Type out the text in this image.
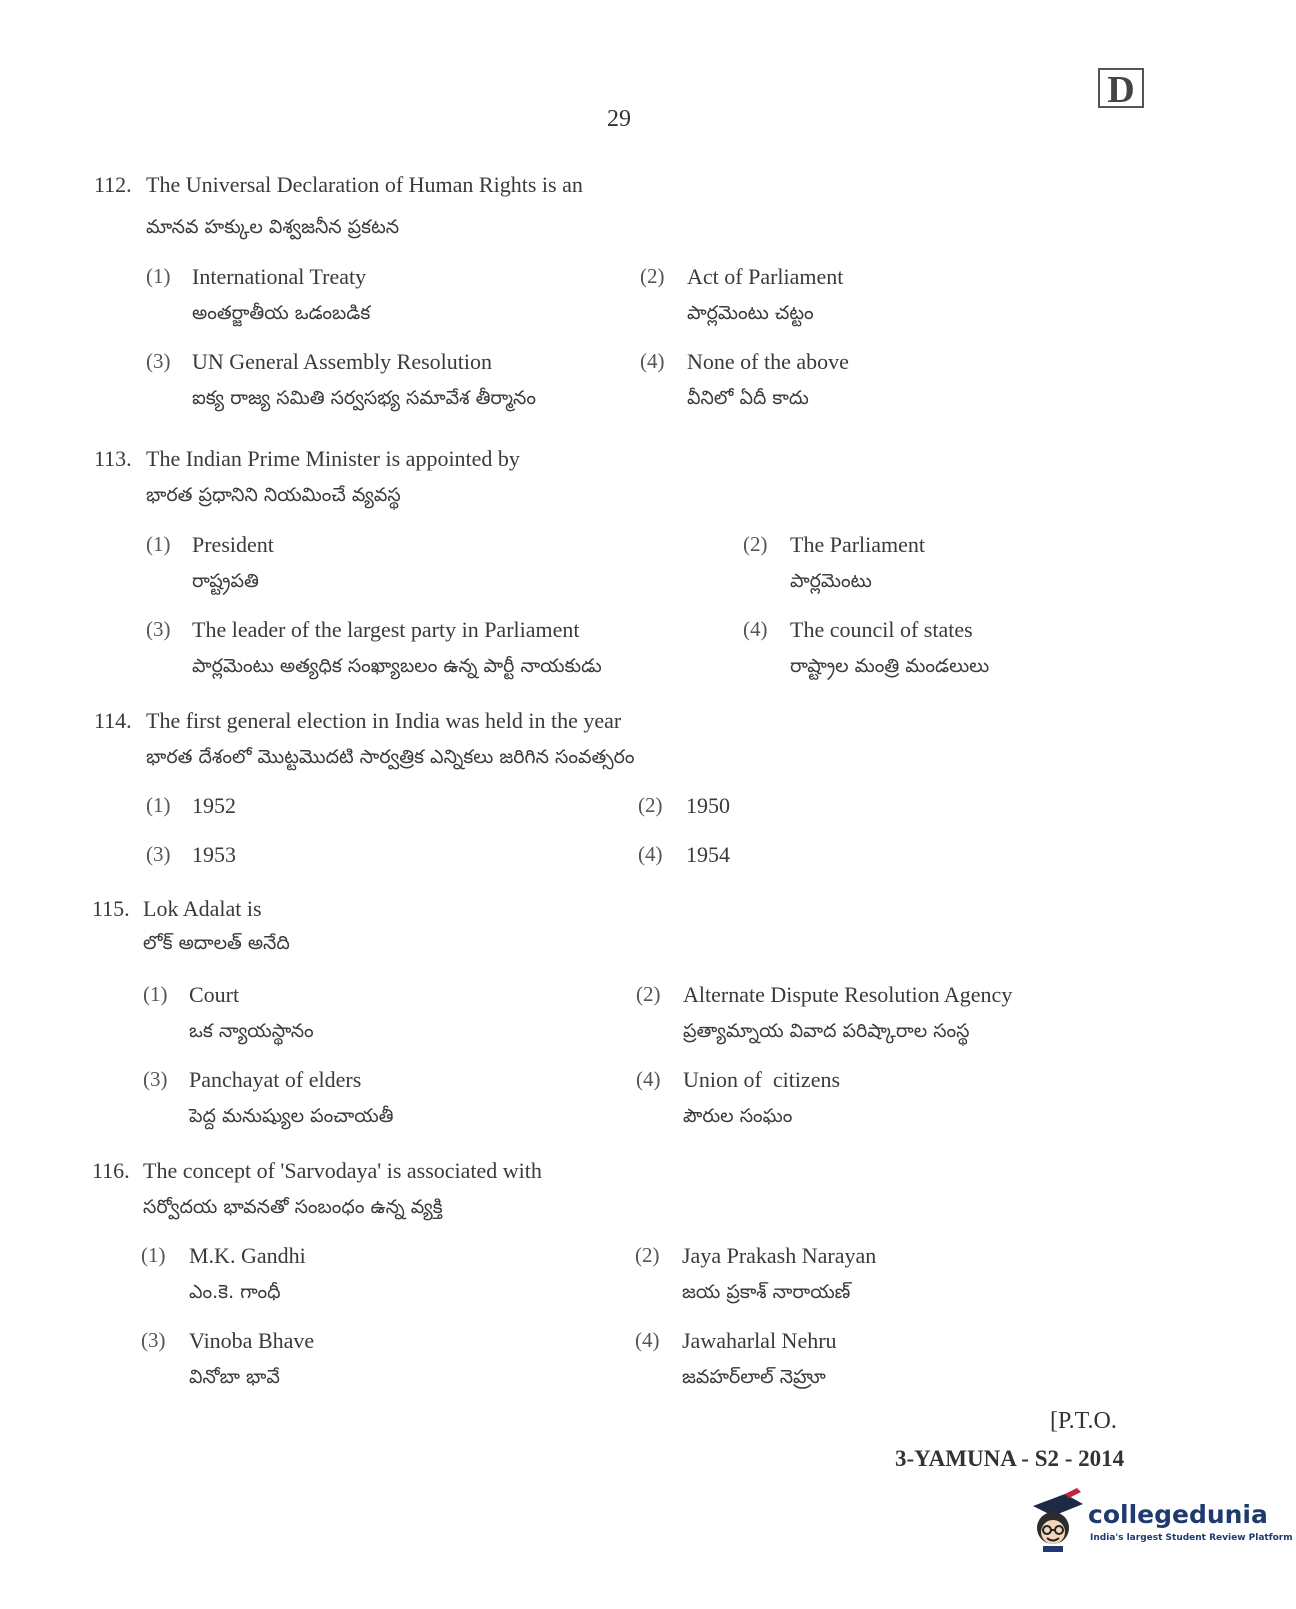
D
29
112. The Universal Declaration of Human Rights is an
మానవ హక్కుల విశ్వజనీన ప్రకటన
(1) International Treaty
అంతర్జాతీయ ఒడంబడిక
(2) Act of Parliament
పార్లమెంటు చట్టం
(3) UN General Assembly Resolution
ఐక్య రాజ్య సమితి సర్వసభ్య సమావేశ తీర్మానం
(4) None of the above
వీనిలో ఏదీ కాదు
113. The Indian Prime Minister is appointed by
భారత ప్రధానిని నియమించే వ్యవస్థ
(1) President
రాష్ట్రపతి
(2) The Parliament
పార్లమెంటు
(3) The leader of the largest party in Parliament
పార్లమెంటు అత్యధిక సంఖ్యాబలం ఉన్న పార్టీ నాయకుడు
(4) The council of states
రాష్ట్రాల మంత్రి మండలులు
114. The first general election in India was held in the year
భారత దేశంలో మొట్టమొదటి సార్వత్రిక ఎన్నికలు జరిగిన సంవత్సరం
(1) 1952	(2) 1950
(3) 1953	(4) 1954
115. Lok Adalat is
లోక్ అదాలత్ అనేది
(1) Court
ఒక న్యాయస్థానం
(2) Alternate Dispute Resolution Agency
ప్రత్యామ్నాయ వివాద పరిష్కారాల సంస్థ
(3) Panchayat of elders
పెద్ద మనుష్యుల పంచాయతీ
(4) Union of  citizens
పౌరుల సంఘం
116. The concept of 'Sarvodaya' is associated with
సర్వోదయ భావనతో సంబంధం ఉన్న వ్యక్తి
(1) M.K. Gandhi
ఎం.కె. గాంధీ
(2) Jaya Prakash Narayan
జయ ప్రకాశ్ నారాయణ్
(3) Vinoba Bhave
వినోబా భావే
(4) Jawaharlal Nehru
జవహర్‌లాల్ నెహ్రూ
[P.T.O.
3-YAMUNA - S2 - 2014
collegedunia
India's largest Student Review Platform
